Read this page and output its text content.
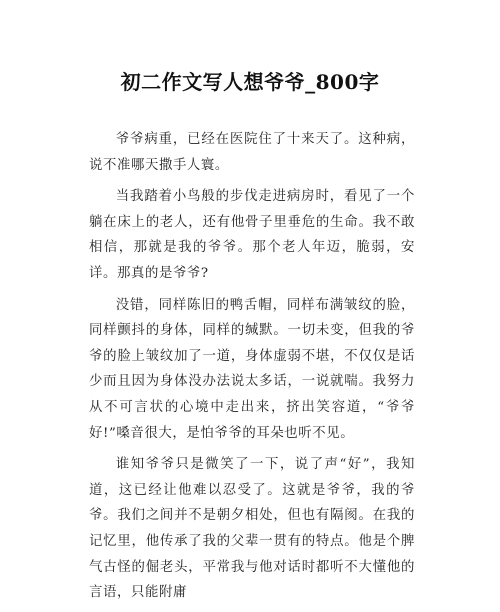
初二作文写人想爷爷_800字

爷爷病重，已经在医院住了十来天了。这种病，说不准哪天撒手人寰。

当我踏着小鸟般的步伐走进病房时，看见了一个躺在床上的老人，还有他骨子里垂危的生命。我不敢相信，那就是我的爷爷。那个老人年迈，脆弱，安详。那真的是爷爷?

没错，同样陈旧的鸭舌帽，同样布满皱纹的脸，同样颤抖的身体，同样的缄默。一切未变，但我的爷爷的脸上皱纹加了一道，身体虚弱不堪，不仅仅是话少而且因为身体没办法说太多话，一说就喘。我努力从不可言状的心境中走出来，挤出笑容道，“爷爷好!”嗓音很大，是怕爷爷的耳朵也听不见。

谁知爷爷只是微笑了一下，说了声“好”，我知道，这已经让他难以忍受了。这就是爷爷，我的爷爷。我们之间并不是朝夕相处，但也有隔阂。在我的记忆里，他传承了我的父辈一贯有的特点。他是个脾气古怪的倔老头，平常我与他对话时都听不大懂他的言语，只能附庸
